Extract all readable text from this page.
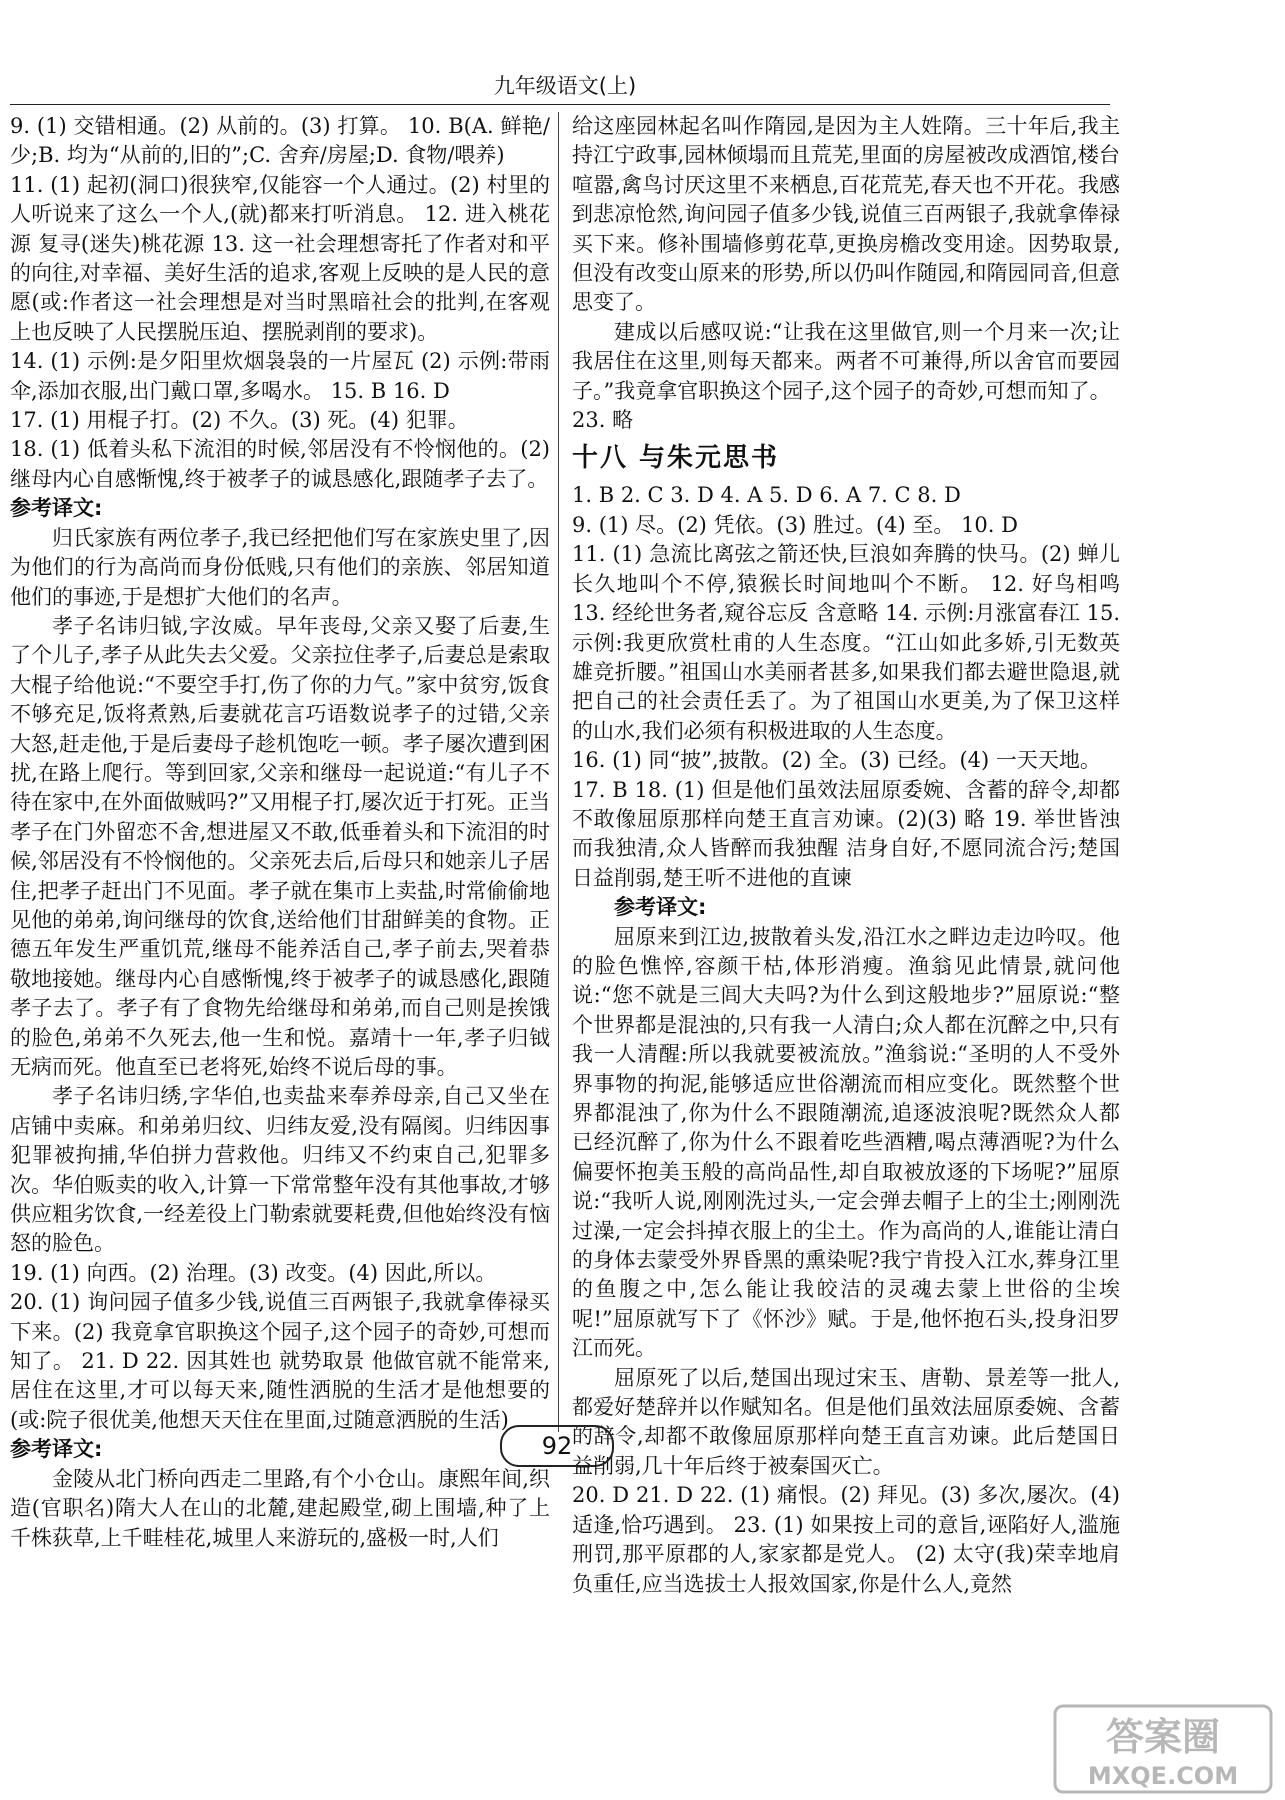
九年级语文(上)

9. (1) 交错相通。(2) 从前的。(3) 打算。 10. B(A. 鲜艳/少;B. 均为“从前的,旧的”;C. 舍弃/房屋;D. 食物/喂养)

11. (1) 起初(洞口)很狭窄,仅能容一个人通过。(2) 村里的人听说来了这么一个人,(就)都来打听消息。 12. 进入桃花源 复寻(迷失)桃花源 13. 这一社会理想寄托了作者对和平的向往,对幸福、美好生活的追求,客观上反映的是人民的意愿(或:作者这一社会理想是对当时黑暗社会的批判,在客观上也反映了人民摆脱压迫、摆脱剥削的要求)。

14. (1) 示例:是夕阳里炊烟袅袅的一片屋瓦 (2) 示例:带雨伞,添加衣服,出门戴口罩,多喝水。 15. B 16. D

17. (1) 用棍子打。(2) 不久。(3) 死。(4) 犯罪。

18. (1) 低着头私下流泪的时候,邻居没有不怜悯他的。(2) 继母内心自感惭愧,终于被孝子的诚恳感化,跟随孝子去了。

参考译文:

归氏家族有两位孝子,我已经把他们写在家族史里了,因为他们的行为高尚而身份低贱,只有他们的亲族、邻居知道他们的事迹,于是想扩大他们的名声。

孝子名讳归钺,字汝威。早年丧母,父亲又娶了后妻,生了个儿子,孝子从此失去父爱。父亲拉住孝子,后妻总是索取大棍子给他说:“不要空手打,伤了你的力气。”家中贫穷,饭食不够充足,饭将煮熟,后妻就花言巧语数说孝子的过错,父亲大怒,赶走他,于是后妻母子趁机饱吃一顿。孝子屡次遭到困扰,在路上爬行。等到回家,父亲和继母一起说道:“有儿子不待在家中,在外面做贼吗?”又用棍子打,屡次近于打死。正当孝子在门外留恋不舍,想进屋又不敢,低垂着头和下流泪的时候,邻居没有不怜悯他的。父亲死去后,后母只和她亲儿子居住,把孝子赶出门不见面。孝子就在集市上卖盐,时常偷偷地见他的弟弟,询问继母的饮食,送给他们甘甜鲜美的食物。正德五年发生严重饥荒,继母不能养活自己,孝子前去,哭着恭敬地接她。继母内心自感惭愧,终于被孝子的诚恳感化,跟随孝子去了。孝子有了食物先给继母和弟弟,而自己则是挨饿的脸色,弟弟不久死去,他一生和悦。嘉靖十一年,孝子归钺无病而死。他直至已老将死,始终不说后母的事。

孝子名讳归绣,字华伯,也卖盐来奉养母亲,自己又坐在店铺中卖麻。和弟弟归纹、归纬友爱,没有隔阂。归纬因事犯罪被拘捕,华伯拼力营救他。归纬又不约束自己,犯罪多次。华伯贩卖的收入,计算一下常常整年没有其他事故,才够供应粗劣饮食,一经差役上门勒索就要耗费,但他始终没有恼怒的脸色。

19. (1) 向西。(2) 治理。(3) 改变。(4) 因此,所以。

20. (1) 询问园子值多少钱,说值三百两银子,我就拿俸禄买下来。(2) 我竟拿官职换这个园子,这个园子的奇妙,可想而知了。 21. D 22. 因其姓也 就势取景 他做官就不能常来,居住在这里,才可以每天来,随性洒脱的生活才是他想要的(或:院子很优美,他想天天住在里面,过随意洒脱的生活)

参考译文:

金陵从北门桥向西走二里路,有个小仓山。康熙年间,织造(官职名)隋大人在山的北麓,建起殿堂,砌上围墙,种了上千株荻草,上千畦桂花,城里人来游玩的,盛极一时,人们

给这座园林起名叫作隋园,是因为主人姓隋。三十年后,我主持江宁政事,园林倾塌而且荒芜,里面的房屋被改成酒馆,楼台喧嚣,禽鸟讨厌这里不来栖息,百花荒芜,春天也不开花。我感到悲凉怆然,询问园子值多少钱,说值三百两银子,我就拿俸禄买下来。修补围墙修剪花草,更换房檐改变用途。因势取景,但没有改变山原来的形势,所以仍叫作随园,和隋园同音,但意思变了。

建成以后感叹说:“让我在这里做官,则一个月来一次;让我居住在这里,则每天都来。两者不可兼得,所以舍官而要园子。”我竟拿官职换这个园子,这个园子的奇妙,可想而知了。

23. 略

十八 与朱元思书

1. B 2. C 3. D 4. A 5. D 6. A 7. C 8. D

9. (1) 尽。(2) 凭依。(3) 胜过。(4) 至。 10. D

11. (1) 急流比离弦之箭还快,巨浪如奔腾的快马。(2) 蝉儿长久地叫个不停,猿猴长时间地叫个不断。 12. 好鸟相鸣 13. 经纶世务者,窥谷忘反 含意略 14. 示例:月涨富春江 15. 示例:我更欣赏杜甫的人生态度。“江山如此多娇,引无数英雄竞折腰。”祖国山水美丽者甚多,如果我们都去避世隐退,就把自己的社会责任丢了。为了祖国山水更美,为了保卫这样的山水,我们必须有积极进取的人生态度。

16. (1) 同“披”,披散。(2) 全。(3) 已经。(4) 一天天地。

17. B 18. (1) 但是他们虽效法屈原委婉、含蓄的辞令,却都不敢像屈原那样向楚王直言劝谏。(2)(3) 略 19. 举世皆浊而我独清,众人皆醉而我独醒 洁身自好,不愿同流合污;楚国日益削弱,楚王听不进他的直谏

参考译文:

屈原来到江边,披散着头发,沿江水之畔边走边吟叹。他的脸色憔悴,容颜干枯,体形消瘦。渔翁见此情景,就问他说:“您不就是三闾大夫吗?为什么到这般地步?”屈原说:“整个世界都是混浊的,只有我一人清白;众人都在沉醉之中,只有我一人清醒:所以我就要被流放。”渔翁说:“圣明的人不受外界事物的拘泥,能够适应世俗潮流而相应变化。既然整个世界都混浊了,你为什么不跟随潮流,追逐波浪呢?既然众人都已经沉醉了,你为什么不跟着吃些酒糟,喝点薄酒呢?为什么偏要怀抱美玉般的高尚品性,却自取被放逐的下场呢?”屈原说:“我听人说,刚刚洗过头,一定会弹去帽子上的尘土;刚刚洗过澡,一定会抖掉衣服上的尘土。作为高尚的人,谁能让清白的身体去蒙受外界昏黑的熏染呢?我宁肯投入江水,葬身江里的鱼腹之中,怎么能让我皎洁的灵魂去蒙上世俗的尘埃呢!”屈原就写下了《怀沙》赋。于是,他怀抱石头,投身汨罗江而死。

屈原死了以后,楚国出现过宋玉、唐勒、景差等一批人,都爱好楚辞并以作赋知名。但是他们虽效法屈原委婉、含蓄的辞令,却都不敢像屈原那样向楚王直言劝谏。此后楚国日益削弱,几十年后终于被秦国灭亡。

20. D 21. D 22. (1) 痛恨。(2) 拜见。(3) 多次,屡次。(4) 适逢,恰巧遇到。 23. (1) 如果按上司的意旨,诬陷好人,滥施刑罚,那平原郡的人,家家都是党人。 (2) 太守(我)荣幸地肩负重任,应当选拔士人报效国家,你是什么人,竟然

92
答案圈
MXQE.COM
